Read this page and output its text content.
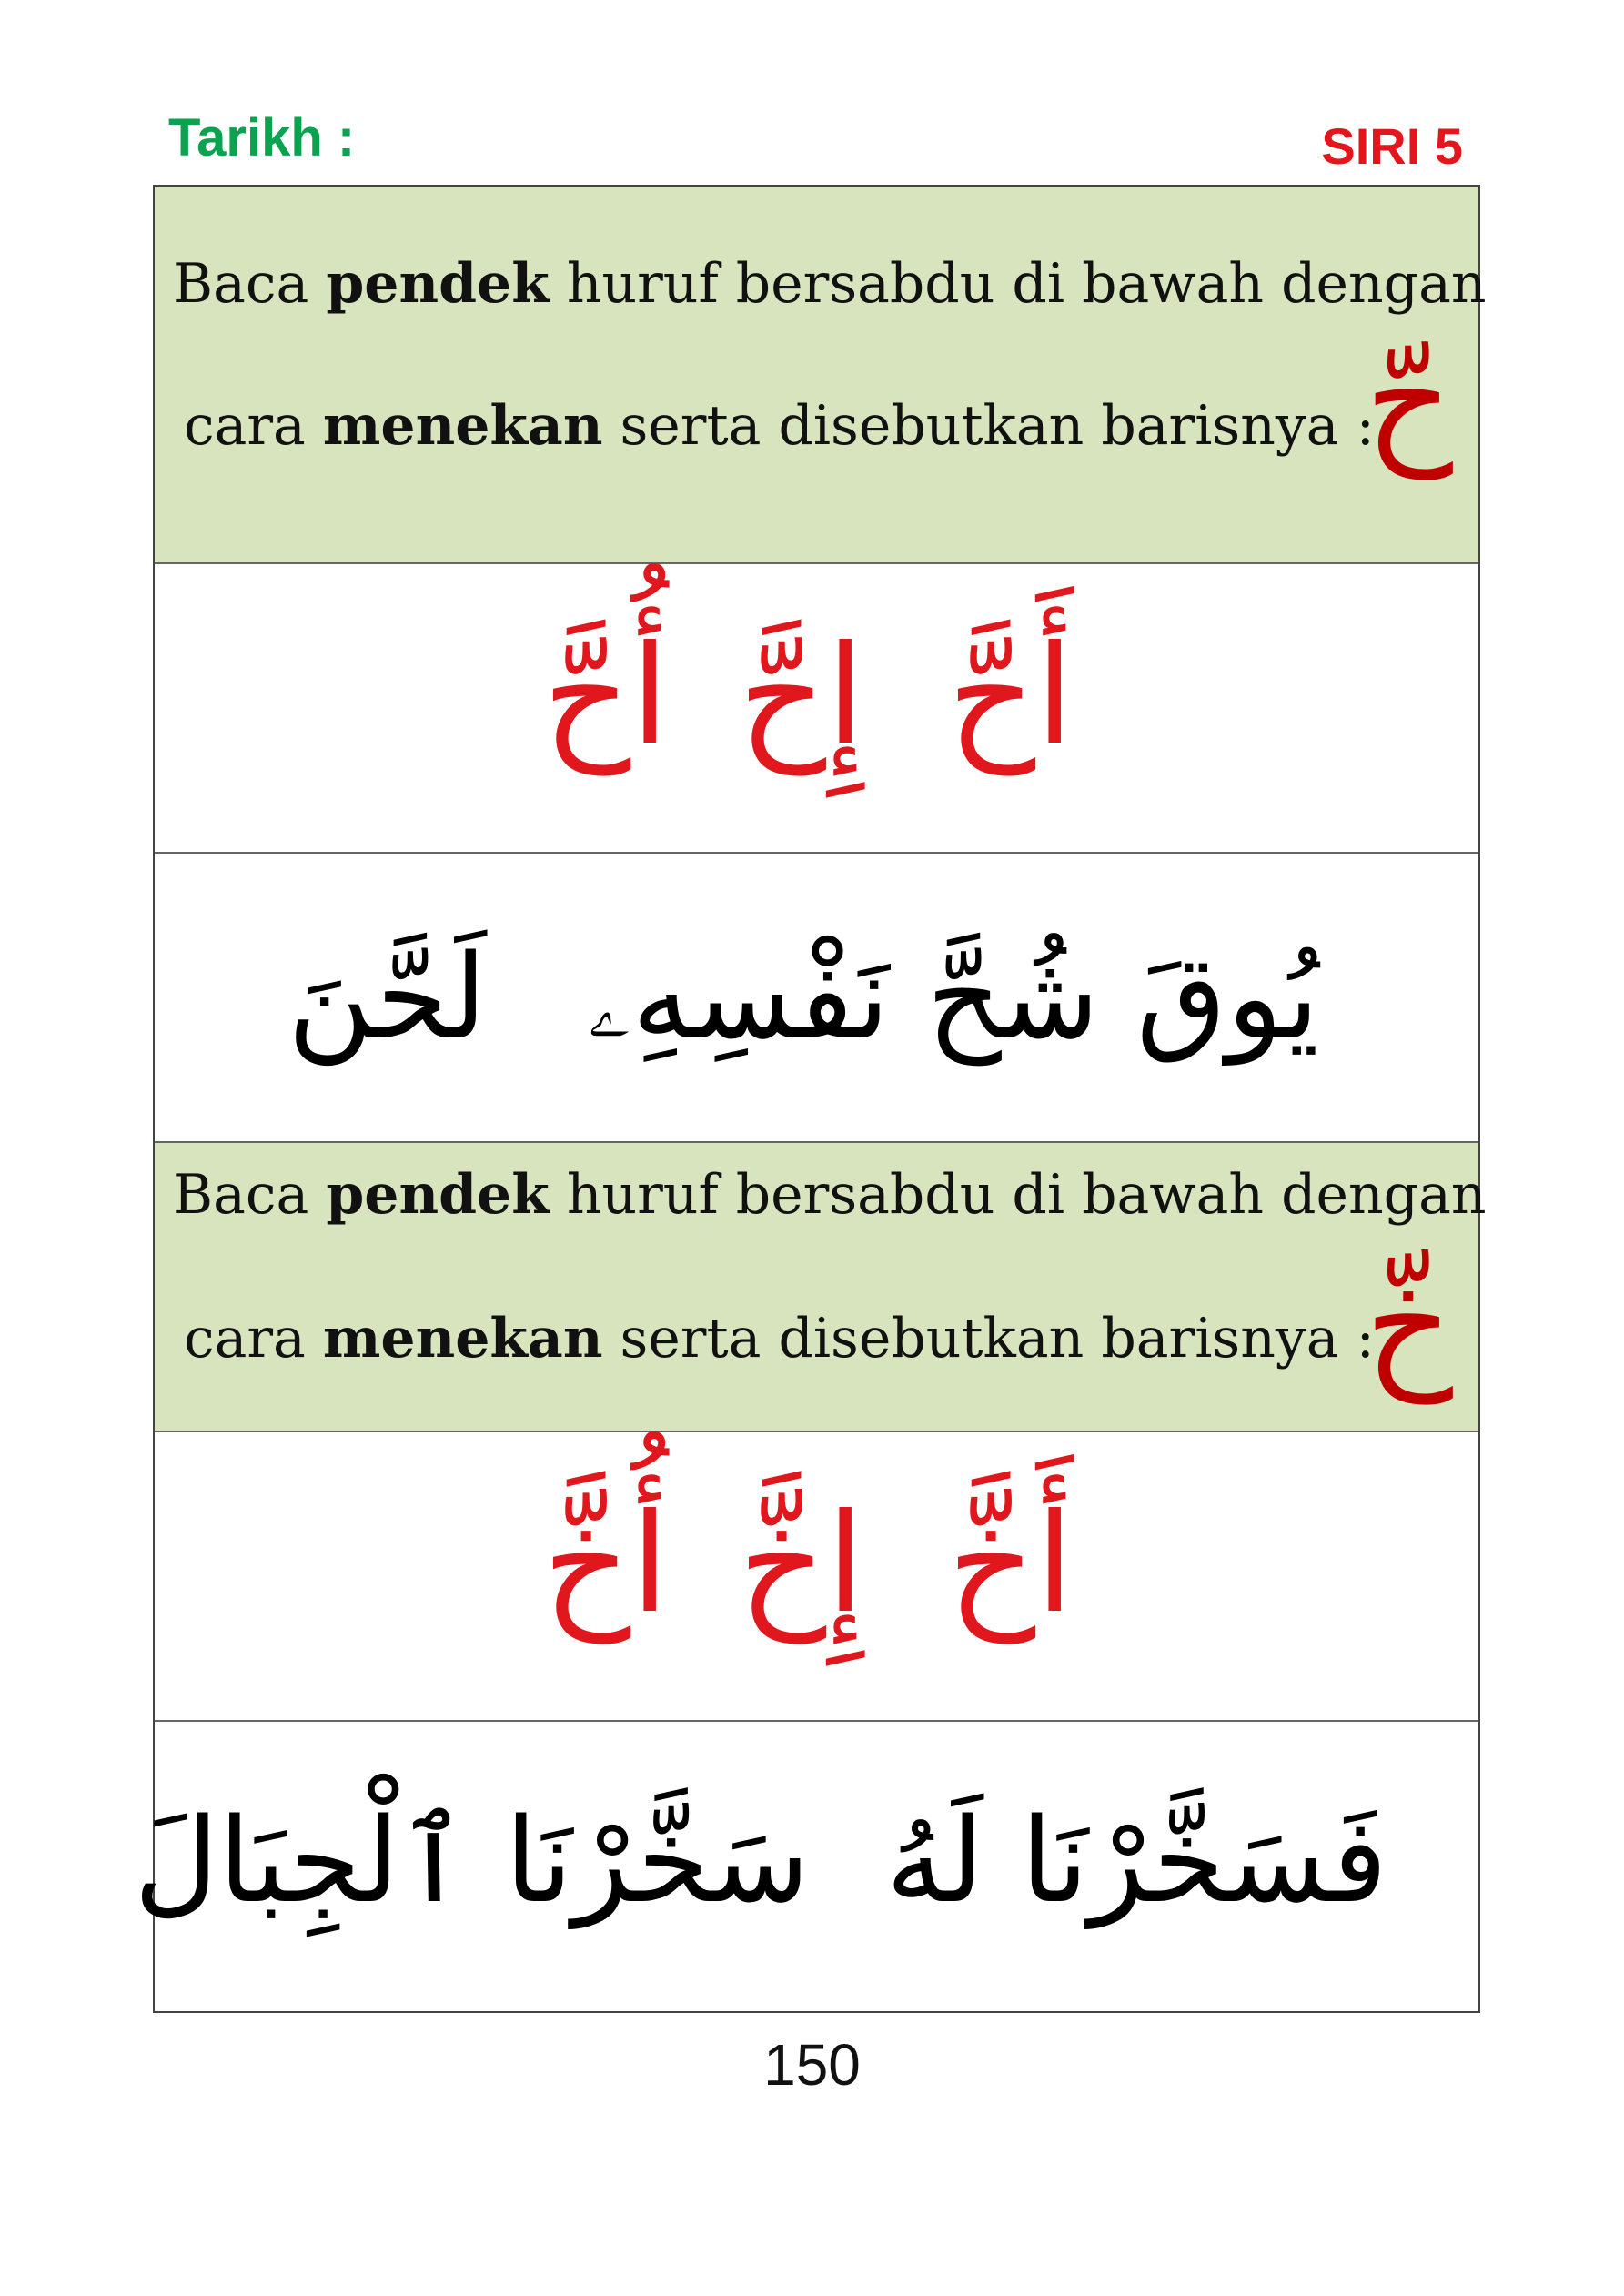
Tarikh :	SIRI 5
Baca pendek huruf bersabdu di bawah dengan
cara menekan serta disebutkan barisnya :
حّ
أَحَّ
إِحَّ
أُحَّ
يُوقَ شُحَّ نَفْسِهِۦ
لَحَّنَ
Baca pendek huruf bersabdu di bawah dengan
cara menekan serta disebutkan barisnya :
خّ
أَخَّ
إِخَّ
أُخَّ
فَسَخَّرْنَا لَهُ
سَخَّرْنَا ٱلْجِبَالَ
150
